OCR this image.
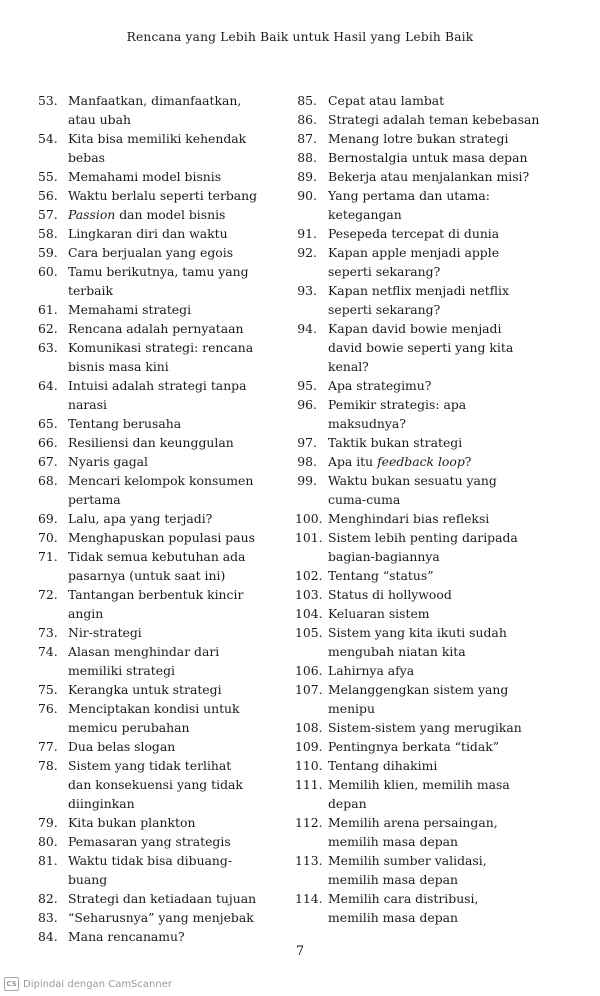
Rencana yang Lebih Baik untuk Hasil yang Lebih Baik
53. Manfaatkan, dimanfaatkan,
atau ubah
54. Kita bisa memiliki kehendak
bebas
55. Memahami model bisnis
56. Waktu berlalu seperti terbang
57. Passion dan model bisnis
58. Lingkaran diri dan waktu
59. Cara berjualan yang egois
60. Tamu berikutnya, tamu yang
terbaik
61. Memahami strategi
62. Rencana adalah pernyataan
63. Komunikasi strategi: rencana
bisnis masa kini
64. Intuisi adalah strategi tanpa
narasi
65. Tentang berusaha
66. Resiliensi dan keunggulan
67. Nyaris gagal
68. Mencari kelompok konsumen
pertama
69. Lalu, apa yang terjadi?
70. Menghapuskan populasi paus
71. Tidak semua kebutuhan ada
pasarnya (untuk saat ini)
72. Tantangan berbentuk kincir
angin
73. Nir-strategi
74. Alasan menghindar dari
memiliki strategi
75. Kerangka untuk strategi
76. Menciptakan kondisi untuk
memicu perubahan
77. Dua belas slogan
78. Sistem yang tidak terlihat
dan konsekuensi yang tidak
diinginkan
79. Kita bukan plankton
80. Pemasaran yang strategis
81. Waktu tidak bisa dibuang-buang
82. Strategi dan ketiadaan tujuan
83. “Seharusnya” yang menjebak
84. Mana rencanamu?
85. Cepat atau lambat
86. Strategi adalah teman kebebasan
87. Menang lotre bukan strategi
88. Bernostalgia untuk masa depan
89. Bekerja atau menjalankan misi?
90. Yang pertama dan utama:
ketegangan
91. Pesepeda tercepat di dunia
92. Kapan apple menjadi apple
seperti sekarang?
93. Kapan netflix menjadi netflix
seperti sekarang?
94. Kapan david bowie menjadi
david bowie seperti yang kita
kenal?
95. Apa strategimu?
96. Pemikir strategis: apa
maksudnya?
97. Taktik bukan strategi
98. Apa itu feedback loop?
99. Waktu bukan sesuatu yang
cuma-cuma
100. Menghindari bias refleksi
101. Sistem lebih penting daripada
bagian-bagiannya
102. Tentang “status”
103. Status di hollywood
104. Keluaran sistem
105. Sistem yang kita ikuti sudah
mengubah niatan kita
106. Lahirnya afya
107. Melanggengkan sistem yang
menipu
108. Sistem-sistem yang merugikan
109. Pentingnya berkata “tidak”
110. Tentang dihakimi
111. Memilih klien, memilih masa
depan
112. Memilih arena persaingan,
memilih masa depan
113. Memilih sumber validasi,
memilih masa depan
114. Memilih cara distribusi,
memilih masa depan
7
CS Dipindai dengan CamScanner
